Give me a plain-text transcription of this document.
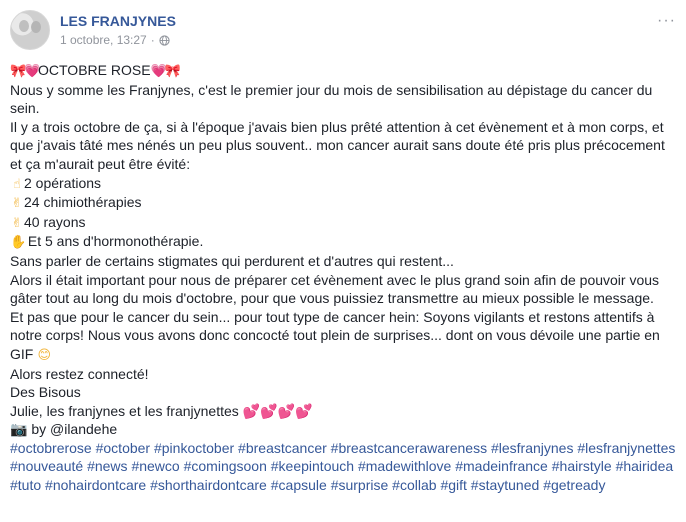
LES FRANJYNES
1 octobre, 13:27 ·
···

🎀💗OCTOBRE ROSE💗🎀

Nous y somme les Franjynes, c'est le premier jour du mois de sensibilisation au dépistage du cancer du sein.

Il y a trois octobre de ça, si à l'époque j'avais bien plus prêté attention à cet évènement et à mon corps, et que j'avais tâté mes nénés un peu plus souvent.. mon cancer aurait sans doute été pris plus précocement et ça m'aurait peut être évité:

☝ 2 opérations

✌ 24 chimiothérapies

✌ 40 rayons

✋ Et 5 ans d'hormonothérapie.

Sans parler de certains stigmates qui perdurent et d'autres qui restent...

Alors il était important pour nous de préparer cet évènement avec le plus grand soin afin de pouvoir vous gâter tout au long du mois d'octobre, pour que vous puissiez transmettre au mieux possible le message.

Et pas que pour le cancer du sein... pour tout type de cancer hein: Soyons vigilants et restons attentifs à notre corps! Nous vous avons donc concocté tout plein de surprises... dont on vous dévoile une partie en GIF 😊

Alors restez connecté!

Des Bisous

Julie, les franjynes et les franjynettes 💕💕💕💕

📷 by @ilandehe

#octobrerose #october #pinkoctober #breastcancer #breastcancerawareness #lesfranjynes #lesfranjynettes #nouveauté #news #newco #comingsoon #keepintouch #madewithlove #madeinfrance #hairstyle #hairidea #tuto #nohairdontcare #shorthairdontcare #capsule #surprise #collab #gift #staytuned #getready
